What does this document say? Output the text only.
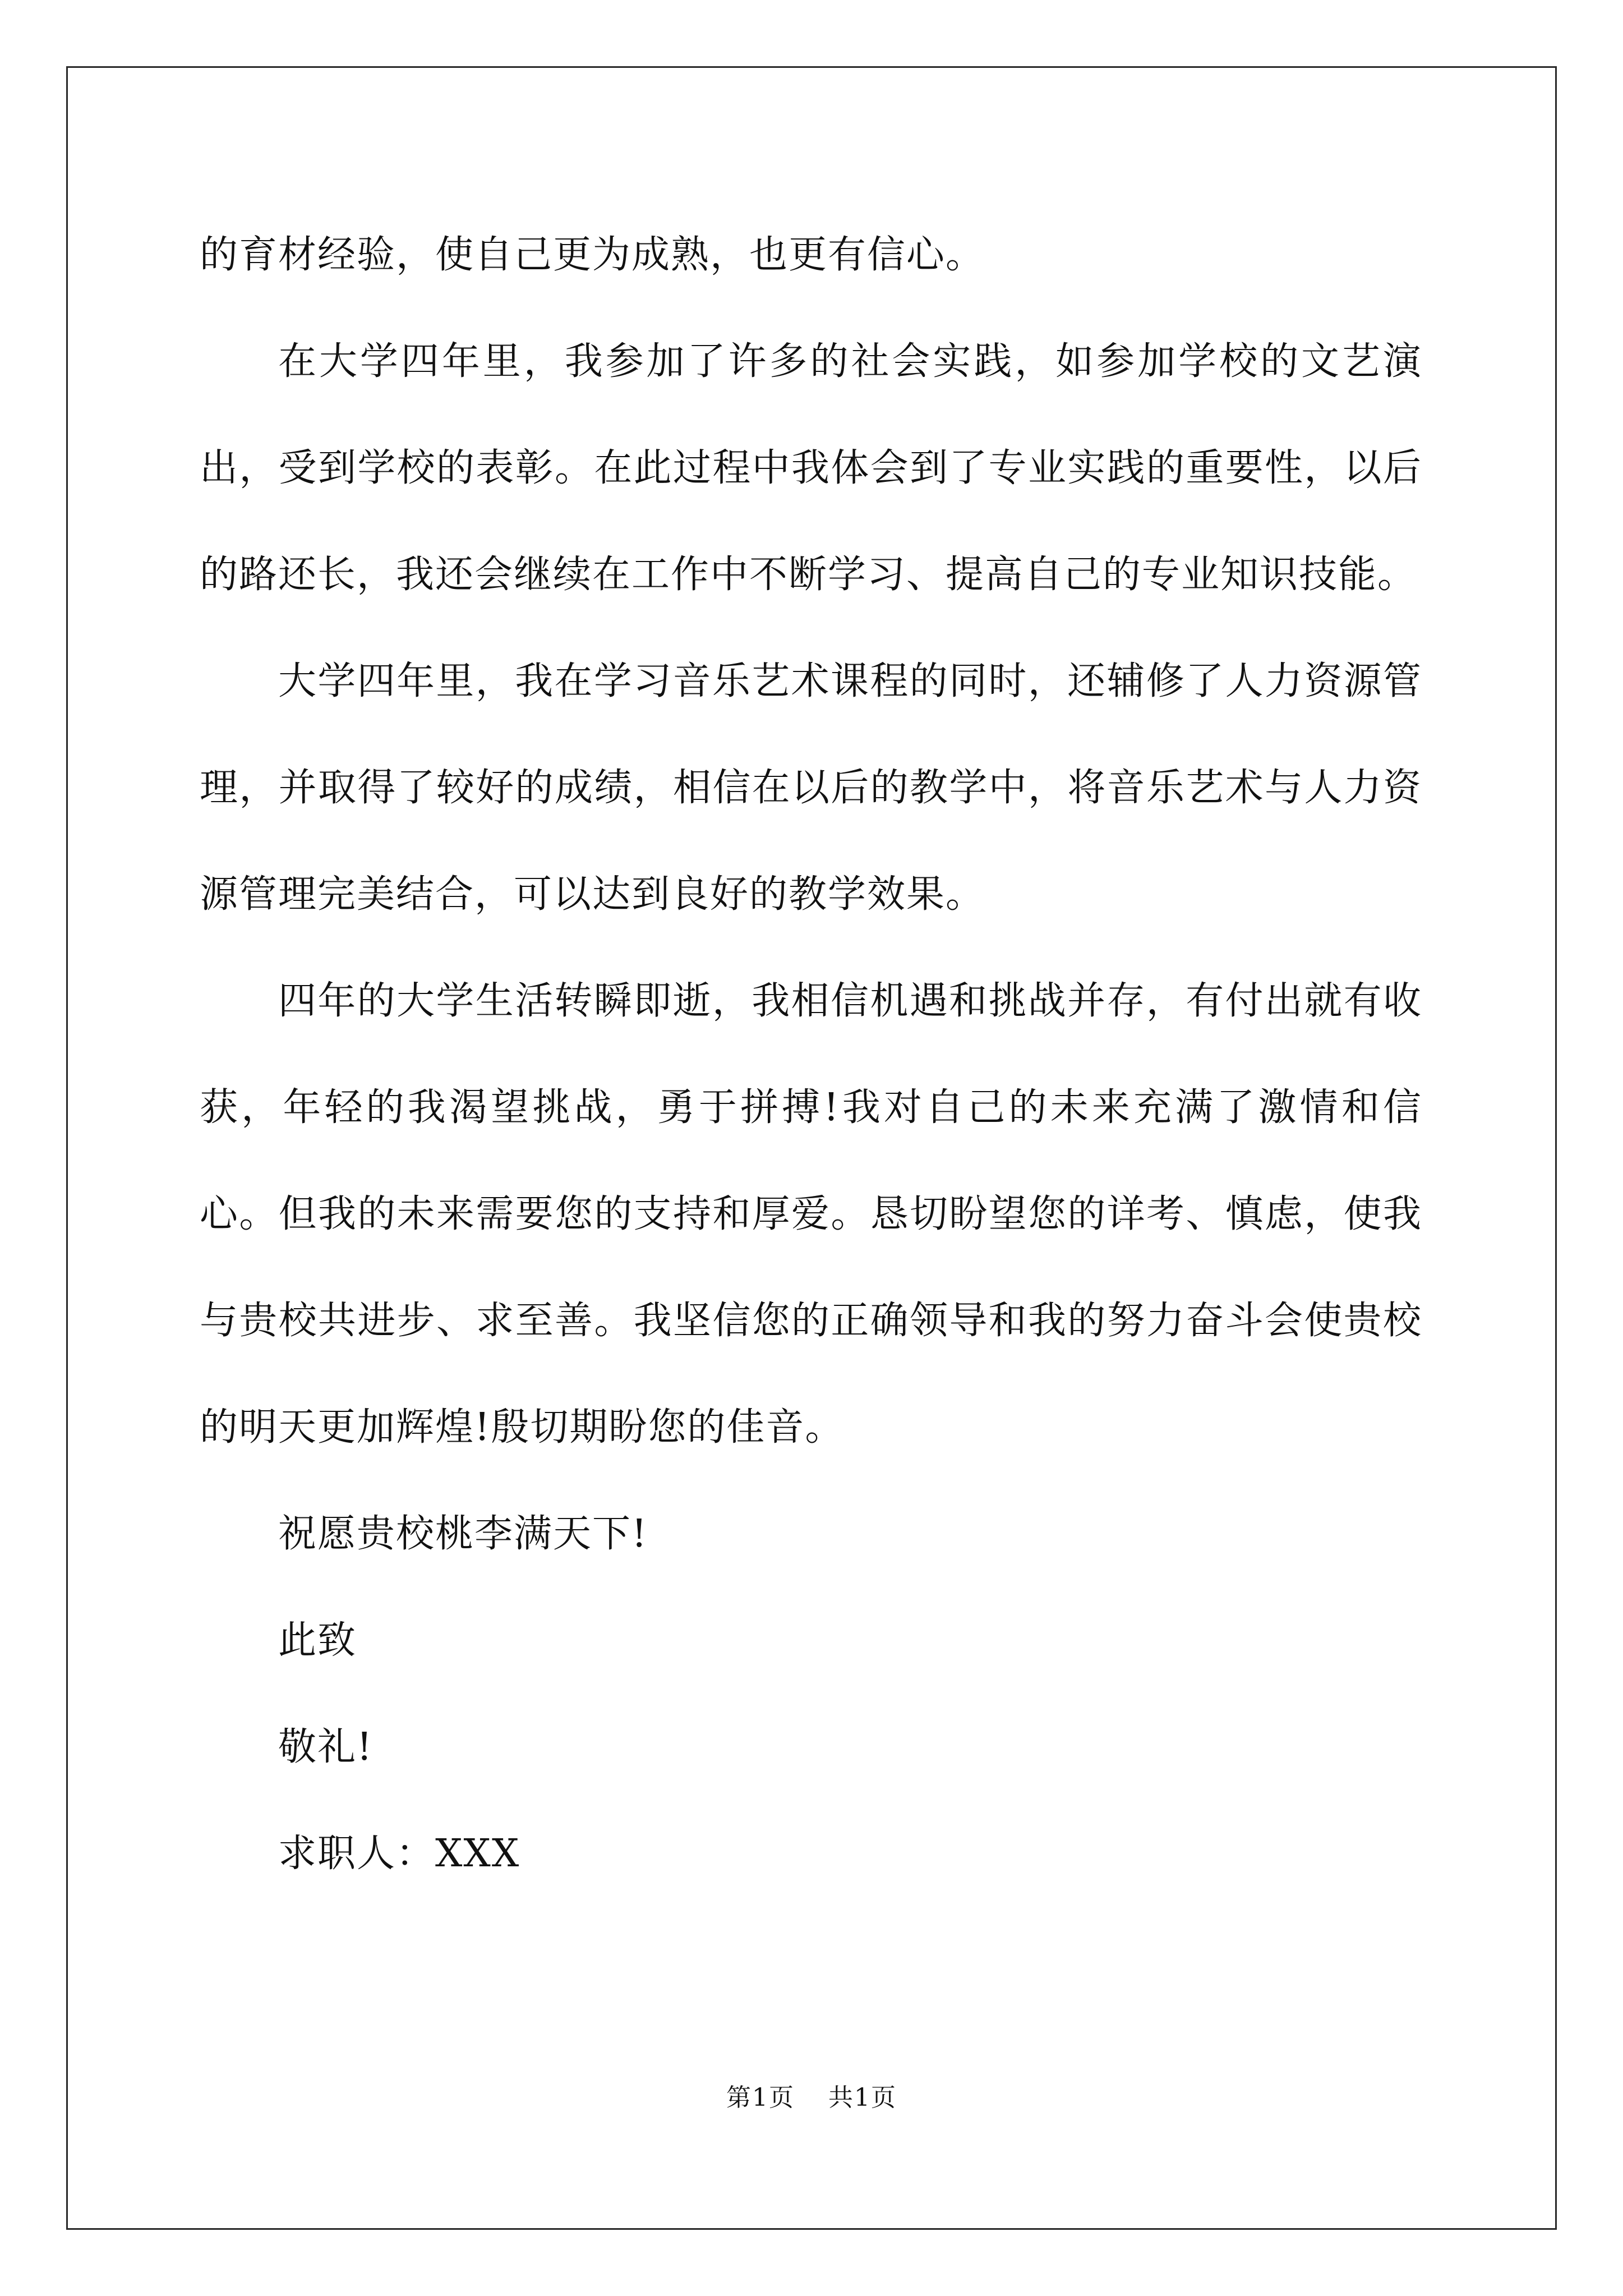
的育材经验，使自己更为成熟，也更有信心。

在大学四年里，我参加了许多的社会实践，如参加学校的文艺演出，受到学校的表彰。在此过程中我体会到了专业实践的重要性，以后的路还长，我还会继续在工作中不断学习、提高自己的专业知识技能。

大学四年里，我在学习音乐艺术课程的同时，还辅修了人力资源管理，并取得了较好的成绩，相信在以后的教学中，将音乐艺术与人力资源管理完美结合，可以达到良好的教学效果。

四年的大学生活转瞬即逝，我相信机遇和挑战并存，有付出就有收获，年轻的我渴望挑战，勇于拼搏!我对自己的未来充满了激情和信心。但我的未来需要您的支持和厚爱。恳切盼望您的详考、慎虑，使我与贵校共进步、求至善。我坚信您的正确领导和我的努力奋斗会使贵校的明天更加辉煌!殷切期盼您的佳音。

祝愿贵校桃李满天下!

此致

敬礼!

求职人：XXX

第1页 共1页
